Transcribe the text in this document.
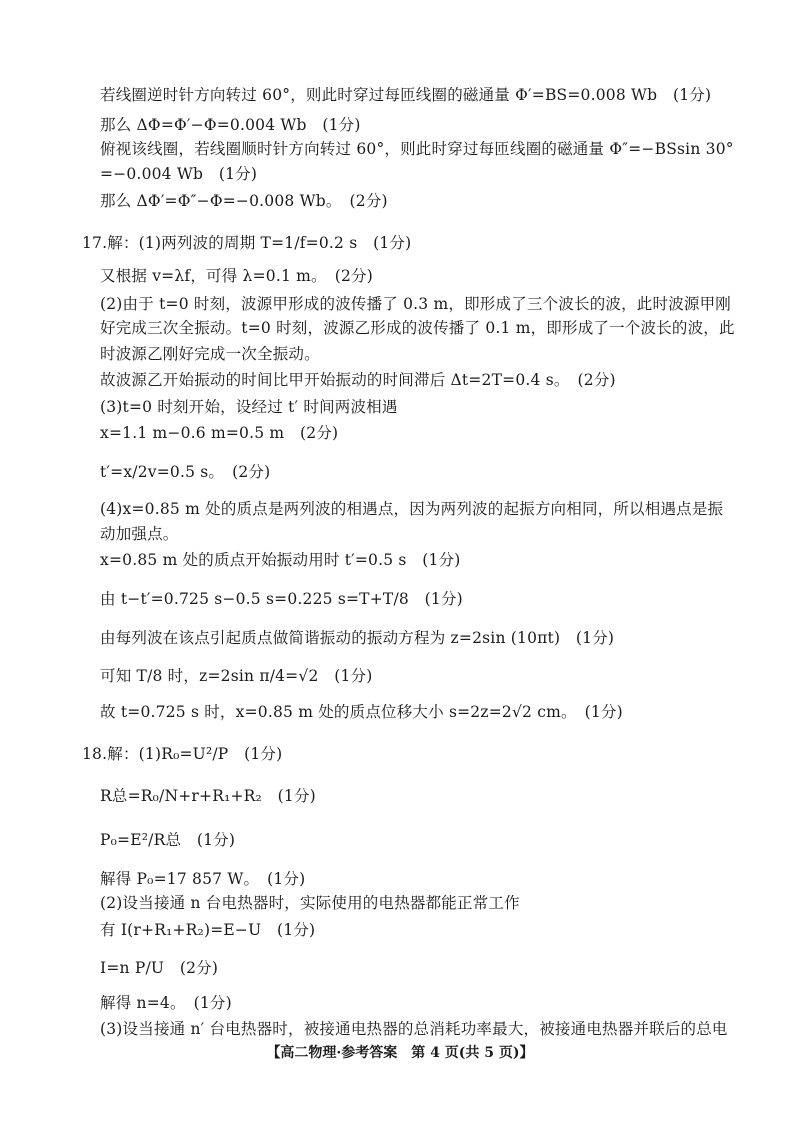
若线圈逆时针方向转过 60°，则此时穿过每匝线圈的磁通量 Φ′=BS=0.008 Wb　(1分)
那么 ΔΦ=Φ′−Φ=0.004 Wb　(1分)
俯视该线圈，若线圈顺时针方向转过 60°，则此时穿过每匝线圈的磁通量 Φ″=−BSsin 30°
=−0.004 Wb　(1分)
那么 ΔΦ′=Φ″−Φ=−0.008 Wb。　(2分)
17.解：(1)两列波的周期 T=1/f=0.2 s　(1分)
又根据 v=λf，可得 λ=0.1 m。　(2分)
(2)由于 t=0 时刻，波源甲形成的波传播了 0.3 m，即形成了三个波长的波，此时波源甲刚
好完成三次全振动。t=0 时刻，波源乙形成的波传播了 0.1 m，即形成了一个波长的波，此
时波源乙刚好完成一次全振动。
故波源乙开始振动的时间比甲开始振动的时间滞后 Δt=2T=0.4 s。　(2分)
(3)t=0 时刻开始，设经过 t′ 时间两波相遇
x=1.1 m−0.6 m=0.5 m　(2分)
t′=x/2v=0.5 s。　(2分)
(4)x=0.85 m 处的质点是两列波的相遇点，因为两列波的起振方向相同，所以相遇点是振
动加强点。
x=0.85 m 处的质点开始振动用时 t′=0.5 s　(1分)
由 t−t′=0.725 s−0.5 s=0.225 s=T+T/8　(1分)
由每列波在该点引起质点做简谐振动的振动方程为 z=2sin (10πt)　(1分)
可知 T/8 时，z=2sin π/4=√2　(1分)
故 t=0.725 s 时，x=0.85 m 处的质点位移大小 s=2z=2√2 cm。　(1分)
18.解：(1)R₀=U²/P　(1分)
R总=R₀/N+r+R₁+R₂　(1分)
P₀=E²/R总　(1分)
解得 P₀=17 857 W。　(1分)
(2)设当接通 n 台电热器时，实际使用的电热器都能正常工作
有 I(r+R₁+R₂)=E−U　(1分)
I=n P/U　(2分)
解得 n=4。　(1分)
(3)设当接通 n′ 台电热器时，被接通电热器的总消耗功率最大，被接通电热器并联后的总电
【高二物理·参考答案　第 4 页(共 5 页)】
